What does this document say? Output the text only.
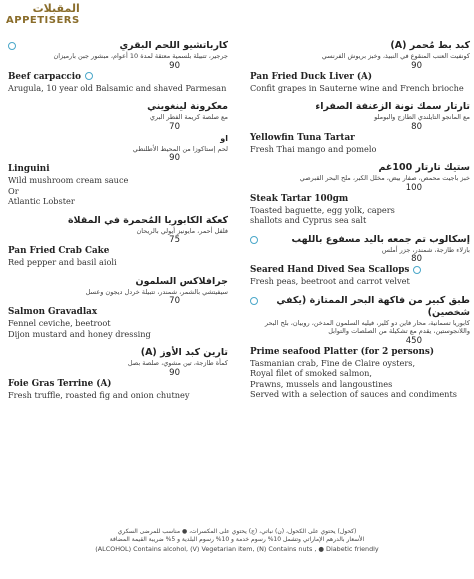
المقبلات
APPETISERS
كارباتشيو اللحم البقري
جرجير، تتبيلة بلسمية معتقة لمدة 10 أعوام، مبشور جبن بارميزان
90
Beef carpaccio
Arugula, 10 year old Balsamic and shaved Parmesan
معكرونة لينغويني
مع صلصة كريمة الفطر البري
70
او
لحم إستاكوزا من المحيط الأطلنطي
90
Linguini
Wild mushroom cream sauce
Or
Atlantic Lobster
كعكة الكابوريا المُحمرة في المقلاة
فلفل أحمر، مايونيز أيولي بالريحان
75
Pan Fried Crab Cake
Red pepper and basil aioli
جرافلاكس السلمون
سيفيتشي بالشمر، شمندر، تتبيلة خردل ديجون وعسل
70
Salmon Gravadlax
Fennel ceviche, beetroot
Dijon mustard and honey dressing
تارين كبد الأوز (A)
كمأة طازجة، تين مشوي، صلصة بصل
90
Foie Gras Terrine (A)
Fresh truffle, roasted fig and onion chutney
كبد بط مُحمر (A)
كونفيت العنب المنقوع في النبيذ، وخبز بريوش الفرنسي
90
Pan Fried Duck Liver (A)
Confit grapes in Sauterne wine and French brioche
تارتار سمك تونة الزعنفة الصفراء
مع المانجو التايلندي الطازج والبوملو
80
Yellowfin Tuna Tartar
Fresh Thai mango and pomelo
ستيك تارتار 100غم
خبز باجيت محمص، صفار بيض، مخلل الكبر، ملح البحر القبرصي
100
Steak Tartar 100gm
Toasted baguette, egg yolk, capers
shallots and Cyprus sea salt
إسكالوب تم جمعه باليد مسفوع باللهب
بازلاء طازجة، شمندر، جزر أملس
80
Seared Hand Dived Sea Scallops
Fresh peas, beetroot and carrot velvet
طبق كبير من فاكهة البحر الممتازة (يكفي شخصين)
كابوريا تسمانية، محار فاين دو كلير، فيليه السلمون المدخن، روبيان، بلح البحر واللانجوستين، يقدم مع تشكيلة من الصلصات والتوابل
450
Prime seafood Platter (for 2 persons)
Tasmanian crab, Fine de Claire oysters,
Royal filet of smoked salmon,
Prawns, mussels and langoustines
Served with a selection of sauces and condiments
(كحول) يحتوي على الكحول، (ن) نباتي، (ج) يحتوي على المكسرات، ● مناسب للمرضى السكري
الأسعار بالدرهم الإماراتي وتشمل 10% رسوم خدمة و 10% رسوم البلدية و 5% ضريبة القيمة المضافة
(ALCOHOL) Contains alcohol, (V) Vegetarian item, (N) Contains nuts , ● Diabetic friendly
